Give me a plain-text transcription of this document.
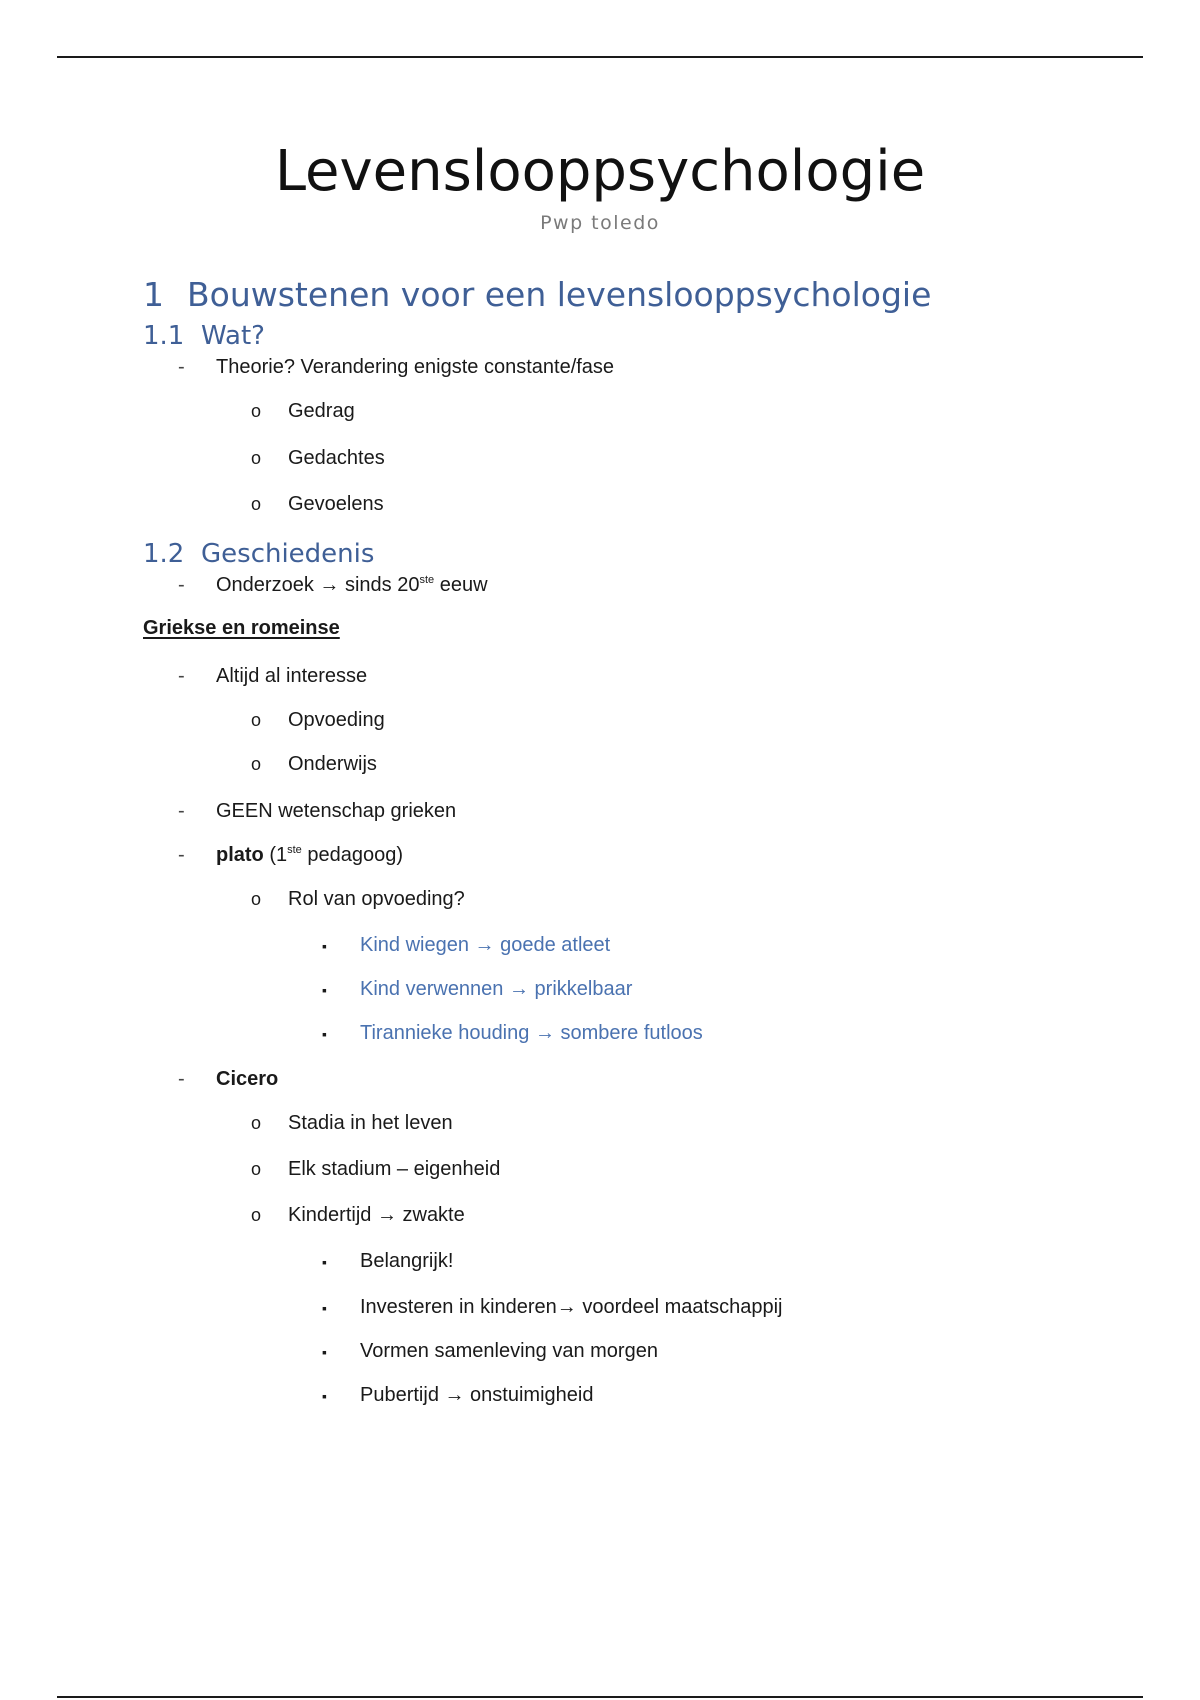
Levenslooppsychologie
Pwp toledo
1 Bouwstenen voor een levenslooppsychologie
1.1 Wat?
- Theorie? Verandering enigste constante/fase
o Gedrag
o Gedachtes
o Gevoelens
1.2 Geschiedenis
- Onderzoek → sinds 20ste eeuw
Griekse en romeinse
- Altijd al interesse
o Opvoeding
o Onderwijs
- GEEN wetenschap grieken
- plato (1ste pedagoog)
o Rol van opvoeding?
▪ Kind wiegen → goede atleet
▪ Kind verwennen → prikkelbaar
▪ Tirannieke houding → sombere futloos
- Cicero
o Stadia in het leven
o Elk stadium – eigenheid
o Kindertijd → zwakte
▪ Belangrijk!
▪ Investeren in kinderen→ voordeel maatschappij
▪ Vormen samenleving van morgen
▪ Pubertijd → onstuimigheid
